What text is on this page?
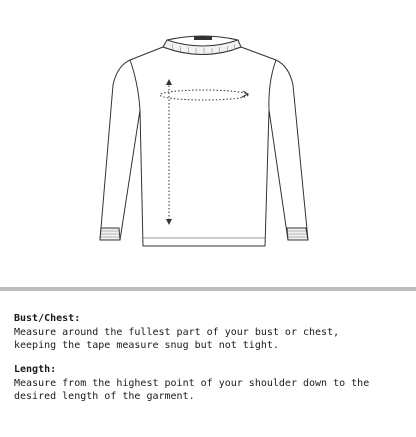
Bust/Chest:

Measure around the fullest part of your bust or chest,
keeping the tape measure snug but not tight.

Length:

Measure from the highest point of your shoulder down to the
desired length of the garment.
